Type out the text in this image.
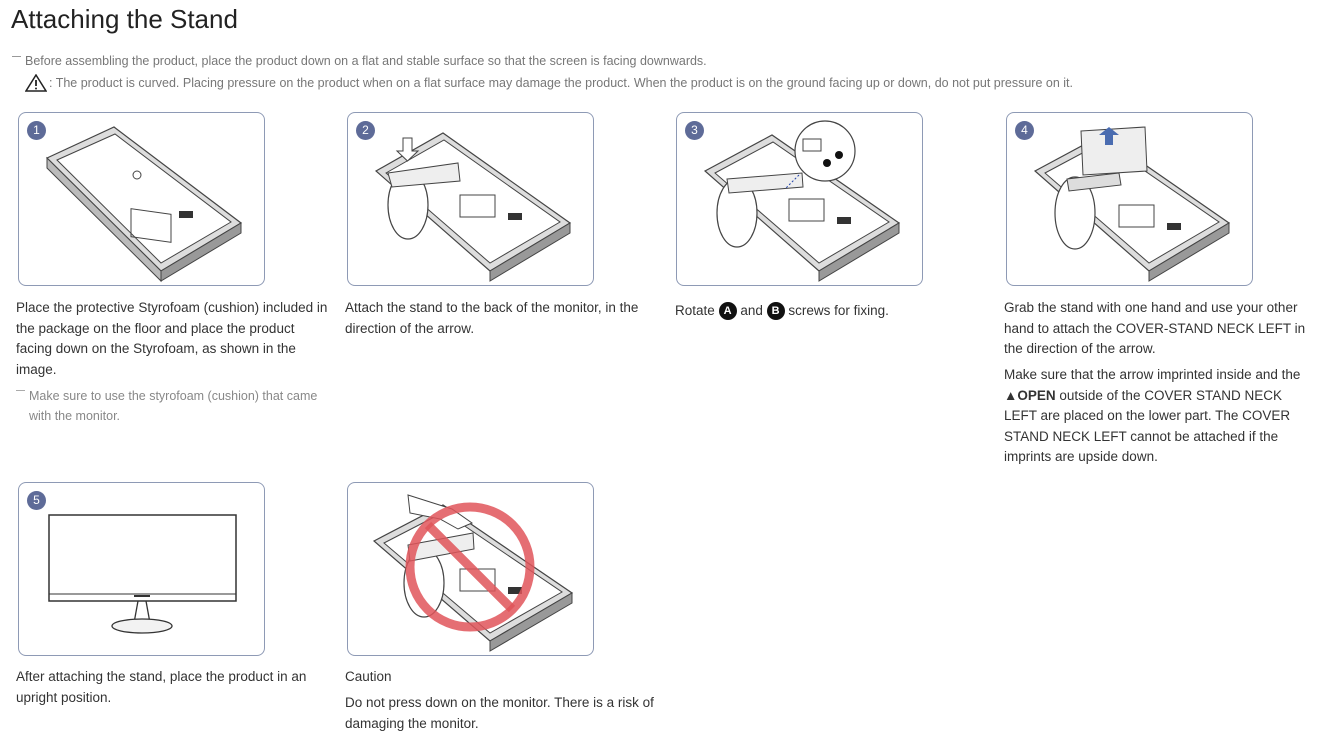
Attaching the Stand
Before assembling the product, place the product down on a flat and stable surface so that the screen is facing downwards.
: The product is curved. Placing pressure on the product when on a flat surface may damage the product. When the product is on the ground facing up or down, do not put pressure on it.
1	2	3	4
5
Place the protective Styrofoam (cushion) included in the package on the floor and place the product facing down on the Styrofoam, as shown in the image.
Make sure to use the styrofoam (cushion) that came with the monitor.
Attach the stand to the back of the monitor, in the direction of the arrow.
Rotate A and B screws for fixing.	Grab the stand with one hand and use your other hand to attach the COVER-STAND NECK LEFT in the direction of the arrow.
Make sure that the arrow imprinted inside and the ▲OPEN outside of the COVER STAND NECK LEFT are placed on the lower part. The COVER STAND NECK LEFT cannot be attached if the imprints are upside down.
After attaching the stand, place the product in an upright position.
Caution
Do not press down on the monitor. There is a risk of damaging the monitor.
